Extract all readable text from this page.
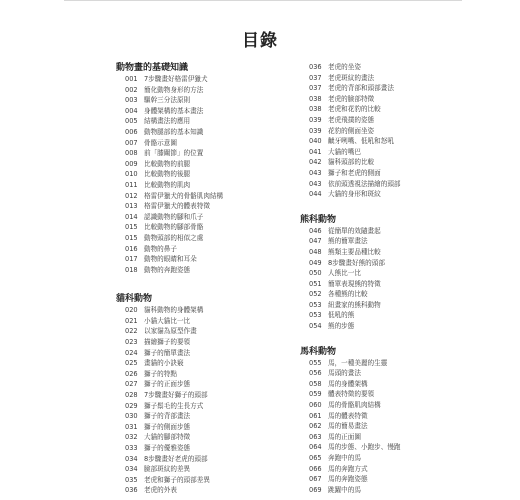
目錄
動物畫的基礎知識
001 7步驟畫好格雷伊獵犬
002 簡化動物身形的方法
003 驅幹三分法原則
004 身體架構的基本畫法
005 結構畫法的應用
006 動物腿部的基本知識
007 骨骼示意圖
008 前「膝關節」的位置
009 比較動物的前腿
010 比較動物的後腿
011 比較動物的肌肉
012 格雷伊獵犬的骨骼肌肉結構
013 格雷伊獵犬的體表特徵
014 認識動物的腳和爪子
015 比較動物的腳部骨骼
015 動物頭部的相似之處
016 動物的鼻子
017 動物的眼睛和耳朵
018 動物的奔跑姿態
貓科動物
020 貓科動物的身體架構
021 小貓大貓比一比
022 以家貓為原型作畫
023 描繪獅子的要領
024 獅子的簡單畫法
025 畫貓的小訣竅
026 獅子的特點
027 獅子的正面步態
028 7步驟畫好獅子的頭部
029 獅子鬃毛的生長方式
030 獅子的背部畫法
031 獅子的側面步態
032 大貓的腳部特徵
033 獅子的優雅姿態
034 8步驟畫好老虎的頭部
034 臉部斑紋的差異
035 老虎和獅子的頭部差異
036 老虎的外表
036 老虎的坐姿
037 老虎斑紋的畫法
037 老虎的背部和頭部畫法
038 老虎的臉部特徵
038 老虎和花豹的比較
039 老虎飛撲的姿態
039 花豹的側面坐姿
040 齜牙咧嘴、低吼和怒吼
041 大貓的嘴巴
042 貓科頭部的比較
043 獅子和老虎的側面
043 依前頭透視法描繪的頭部
044 大貓的身形和斑紋
熊科動物
046 從簡單的效隨畫起
047 熊的簡單畫法
048 熊類主要品種比較
049 8步驟畫好熊的頭部
050 人熊比一比
051 簡單表現熊的特徵
052 各種熊的比較
053 紐畫家的熊科動物
053 低吼的熊
054 熊的步態
馬科動物
055 馬，一種美麗的生靈
056 馬頭的畫法
058 馬的身體架構
059 體表特徵的要領
060 馬的骨骼肌肉結構
061 馬的體表特徵
062 馬的簡易畫法
063 馬的正面圖
064 馬的步態、小跑步、慢跑
065 奔跑中的馬
066 馬的奔跑方式
067 馬的奔跑姿態
069 跳躍中的馬
